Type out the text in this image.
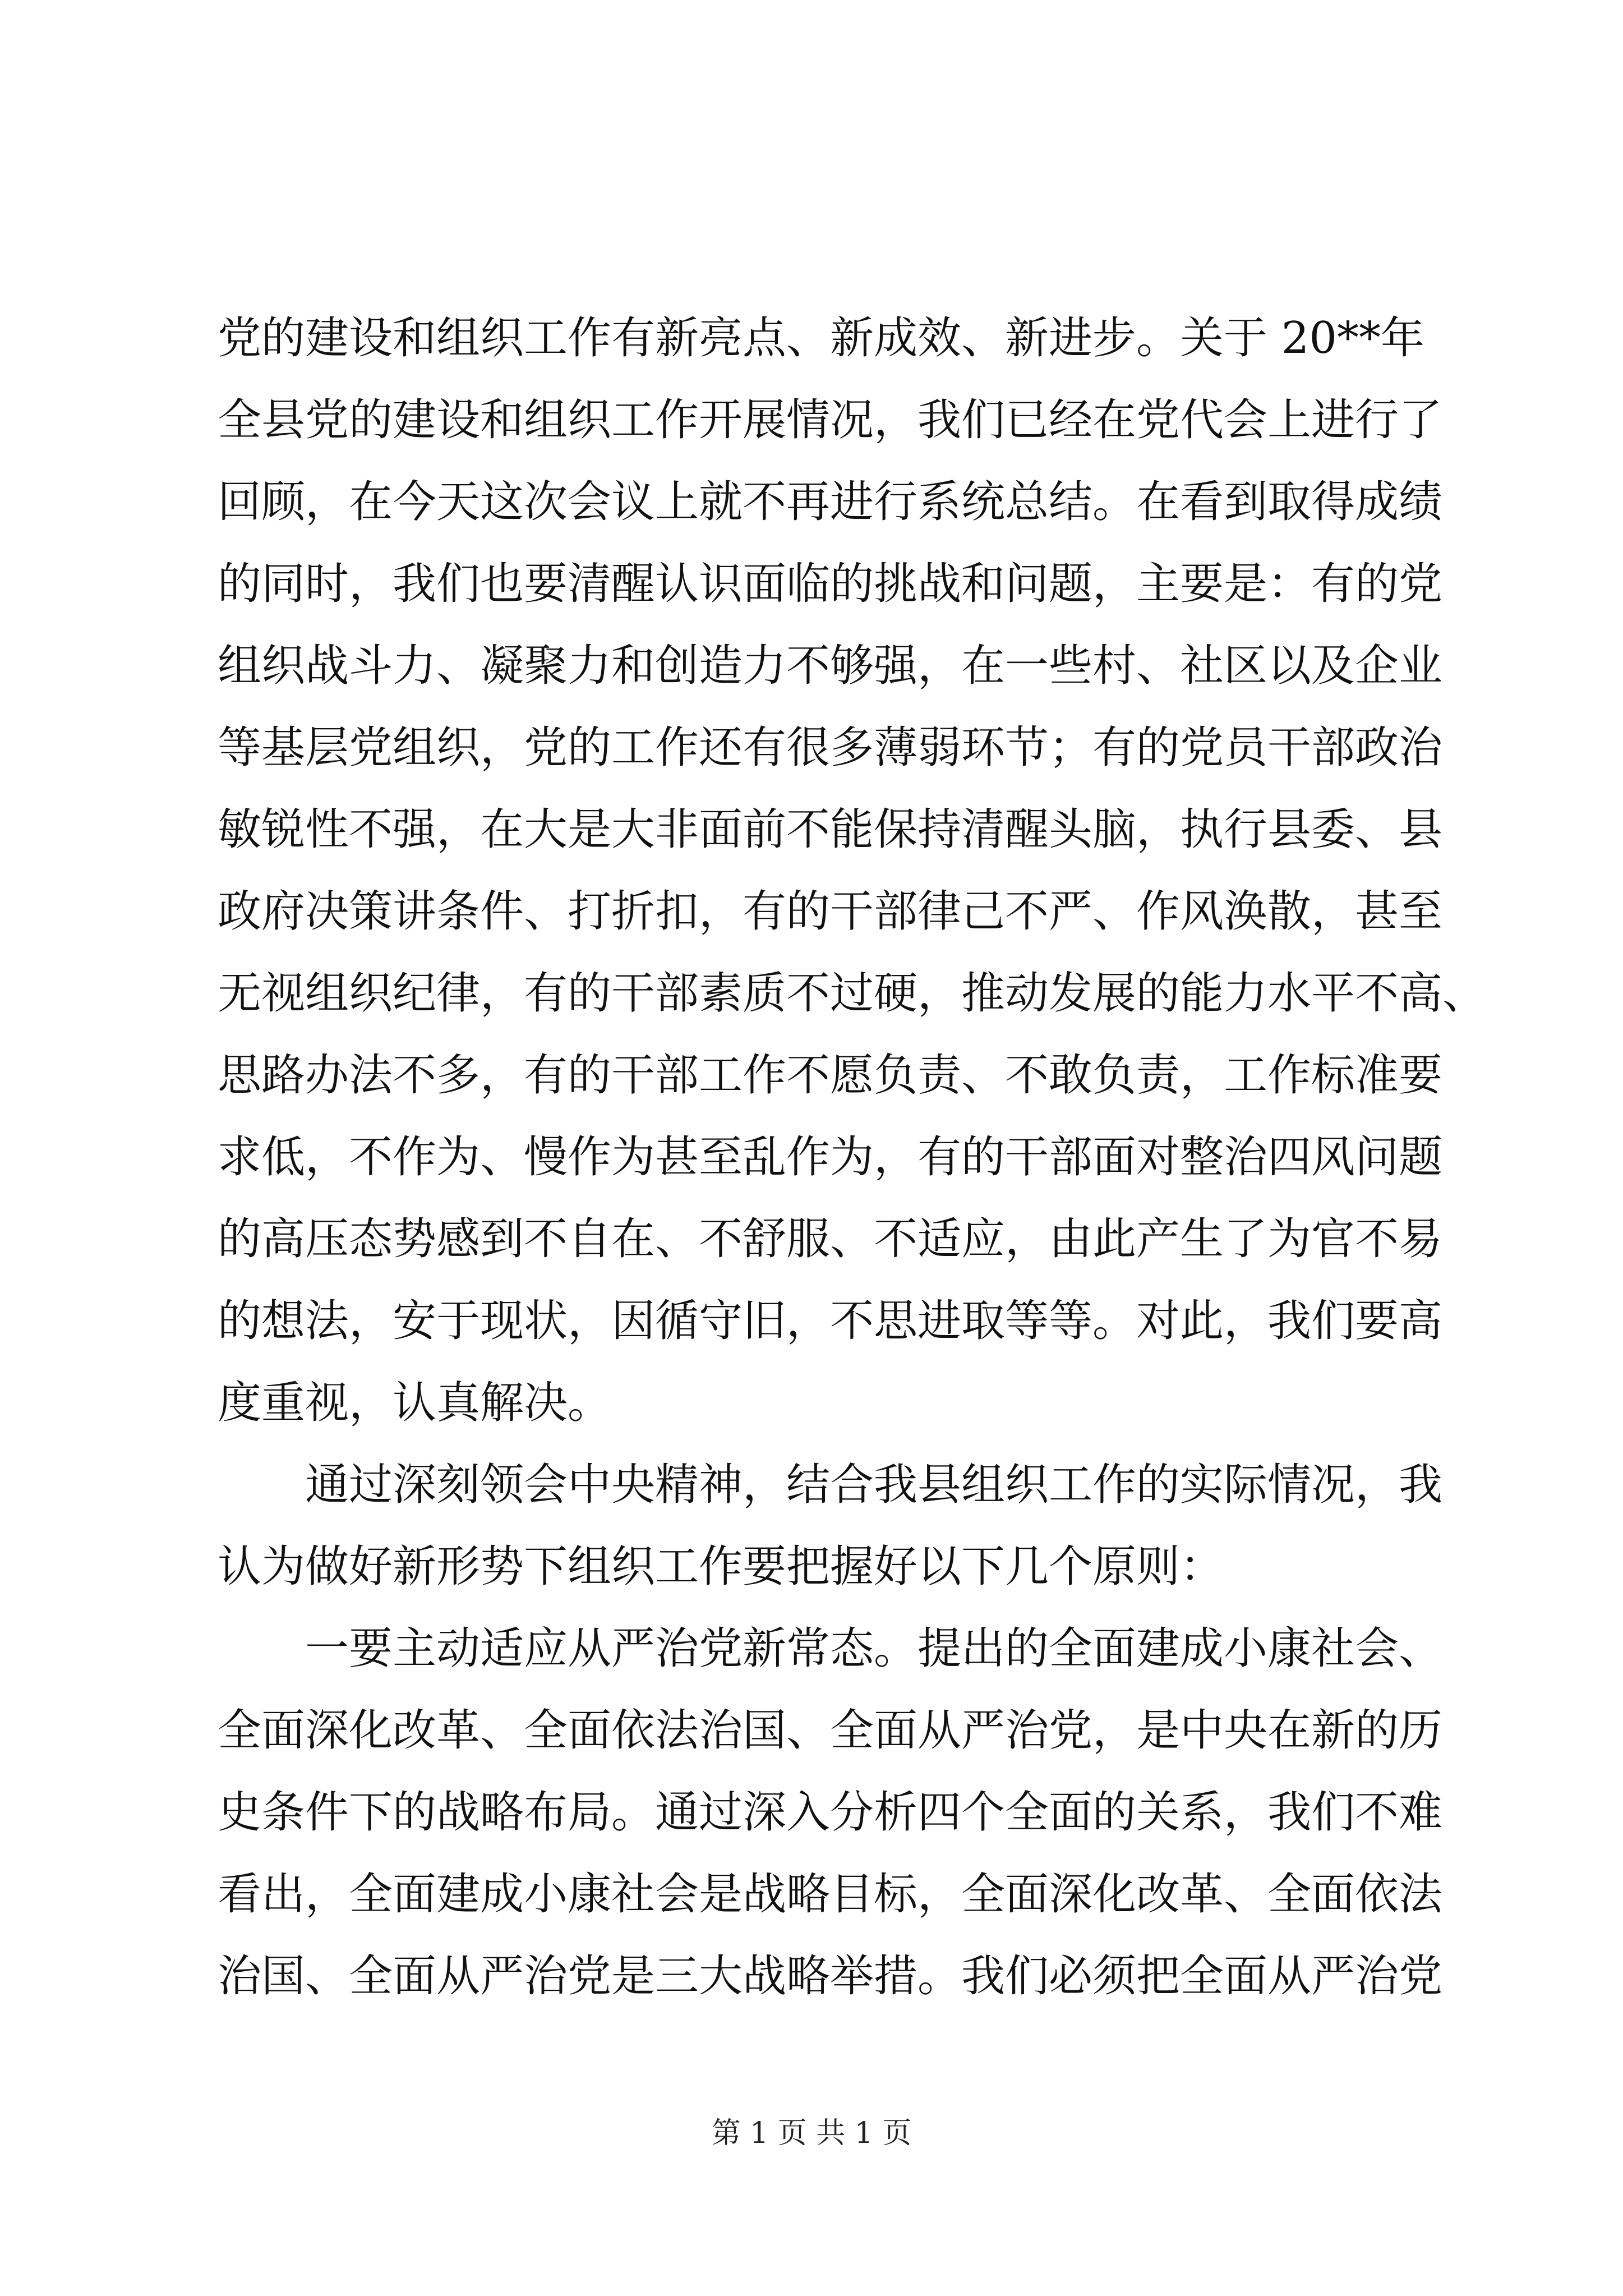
党的建设和组织工作有新亮点、新成效、新进步。关于 20**年
全县党的建设和组织工作开展情况，我们已经在党代会上进行了
回顾，在今天这次会议上就不再进行系统总结。在看到取得成绩
的同时，我们也要清醒认识面临的挑战和问题，主要是：有的党
组织战斗力、凝聚力和创造力不够强，在一些村、社区以及企业
等基层党组织，党的工作还有很多薄弱环节；有的党员干部政治
敏锐性不强，在大是大非面前不能保持清醒头脑，执行县委、县
政府决策讲条件、打折扣，有的干部律己不严、作风涣散，甚至
无视组织纪律，有的干部素质不过硬，推动发展的能力水平不高、
思路办法不多，有的干部工作不愿负责、不敢负责，工作标准要
求低，不作为、慢作为甚至乱作为，有的干部面对整治四风问题
的高压态势感到不自在、不舒服、不适应，由此产生了为官不易
的想法，安于现状，因循守旧，不思进取等等。对此，我们要高
度重视，认真解决。
通过深刻领会中央精神，结合我县组织工作的实际情况，我
认为做好新形势下组织工作要把握好以下几个原则：
一要主动适应从严治党新常态。提出的全面建成小康社会、
全面深化改革、全面依法治国、全面从严治党，是中央在新的历
史条件下的战略布局。通过深入分析四个全面的关系，我们不难
看出，全面建成小康社会是战略目标，全面深化改革、全面依法
治国、全面从严治党是三大战略举措。我们必须把全面从严治党
第 1 页 共 1 页
